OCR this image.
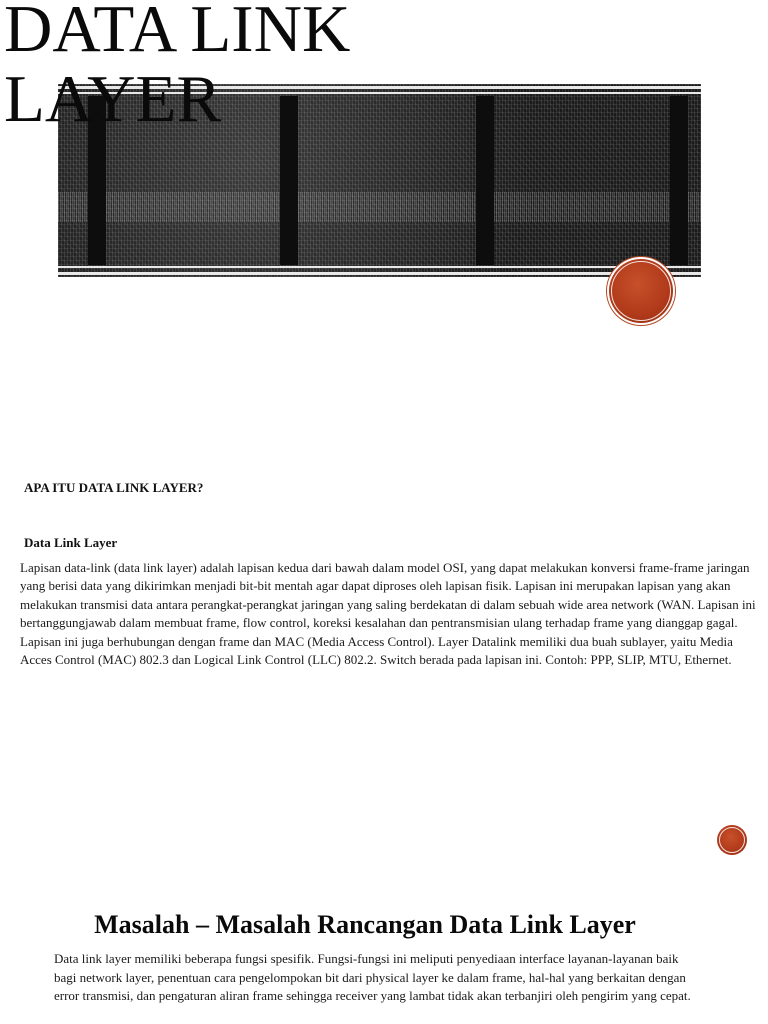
DATA LINK LAYER
APA ITU DATA LINK LAYER?
Data Link Layer

Lapisan data-link (data link layer) adalah lapisan kedua dari bawah dalam model OSI, yang dapat melakukan konversi frame-frame jaringan yang berisi data yang dikirimkan menjadi bit-bit mentah agar dapat diproses oleh lapisan fisik. Lapisan ini merupakan lapisan yang akan melakukan transmisi data antara perangkat-perangkat jaringan yang saling berdekatan di dalam sebuah wide area network (WAN. Lapisan ini bertanggungjawab dalam membuat frame, flow control, koreksi kesalahan dan pentransmisian ulang terhadap frame yang dianggap gagal. Lapisan ini juga berhubungan dengan frame dan MAC (Media Access Control). Layer Datalink memiliki dua buah sublayer, yaitu Media Acces Control (MAC) 802.3 dan Logical Link Control (LLC) 802.2. Switch berada pada lapisan ini. Contoh: PPP, SLIP, MTU, Ethernet.

Masalah – Masalah Rancangan Data Link Layer

Data link layer memiliki beberapa fungsi spesifik. Fungsi-fungsi ini meliputi penyediaan interface layanan-layanan baik bagi network layer, penentuan cara pengelompokan bit dari physical layer ke dalam frame, hal-hal yang berkaitan dengan error transmisi, dan pengaturan aliran frame sehingga receiver yang lambat tidak akan terbanjiri oleh pengirim yang cepat.
